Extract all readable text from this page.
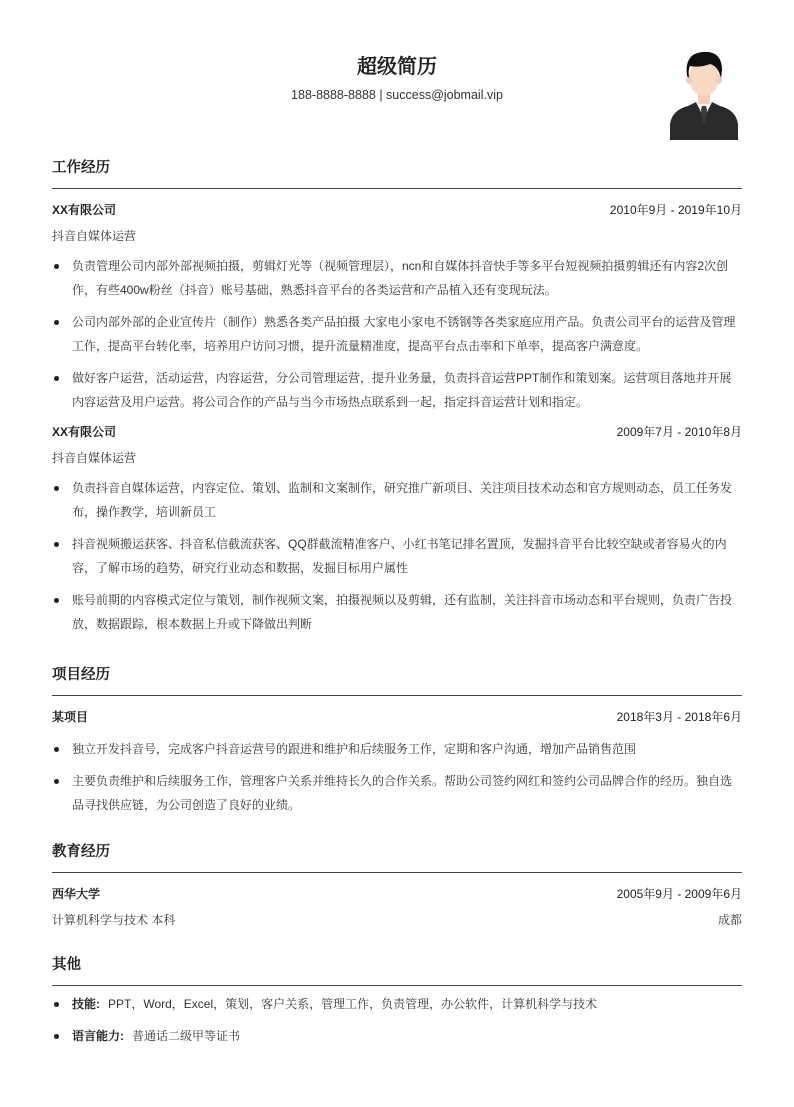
超级简历
188-8888-8888 | success@jobmail.vip
工作经历
XX有限公司	2010年9月 - 2019年10月
抖音自媒体运营
负责管理公司内部外部视频拍摄，剪辑灯光等（视频管理层），ncn和自媒体抖音快手等多平台短视频拍摄剪辑还有内容2次创作，有些400w粉丝（抖音）账号基础，熟悉抖音平台的各类运营和产品植入还有变现玩法。
公司内部外部的企业宣传片（制作）熟悉各类产品拍摄 大家电小家电不锈钢等各类家庭应用产品。负责公司平台的运营及管理工作，提高平台转化率，培养用户访问习惯，提升流量精准度，提高平台点击率和下单率，提高客户满意度。
做好客户运营，活动运营，内容运营，分公司管理运营，提升业务量，负责抖音运营PPT制作和策划案。运营项目落地并开展内容运营及用户运营。将公司合作的产品与当今市场热点联系到一起，指定抖音运营计划和指定。
XX有限公司	2009年7月 - 2010年8月
抖音自媒体运营
负责抖音自媒体运营，内容定位、策划、监制和文案制作，研究推广新项目、关注项目技术动态和官方规则动态，员工任务发布，操作教学，培训新员工
抖音视频搬运获客、抖音私信截流获客、QQ群截流精准客户、小红书笔记排名置顶，发掘抖音平台比较空缺或者容易火的内容，了解市场的趋势，研究行业动态和数据，发掘目标用户属性
账号前期的内容模式定位与策划，制作视频文案，拍摄视频以及剪辑，还有监制，关注抖音市场动态和平台规则，负责广告投放，数据跟踪，根本数据上升或下降做出判断
项目经历
某项目	2018年3月 - 2018年6月
独立开发抖音号，完成客户抖音运营号的跟进和维护和后续服务工作，定期和客户沟通，增加产品销售范围
主要负责维护和后续服务工作，管理客户关系并维持长久的合作关系。帮助公司签约网红和签约公司品牌合作的经历。独自选品寻找供应链，为公司创造了良好的业绩。
教育经历
西华大学	2005年9月 - 2009年6月
计算机科学与技术 本科	成都
其他
技能: PPT，Word，Excel，策划，客户关系，管理工作，负责管理，办公软件，计算机科学与技术
语言能力: 普通话二级甲等证书
